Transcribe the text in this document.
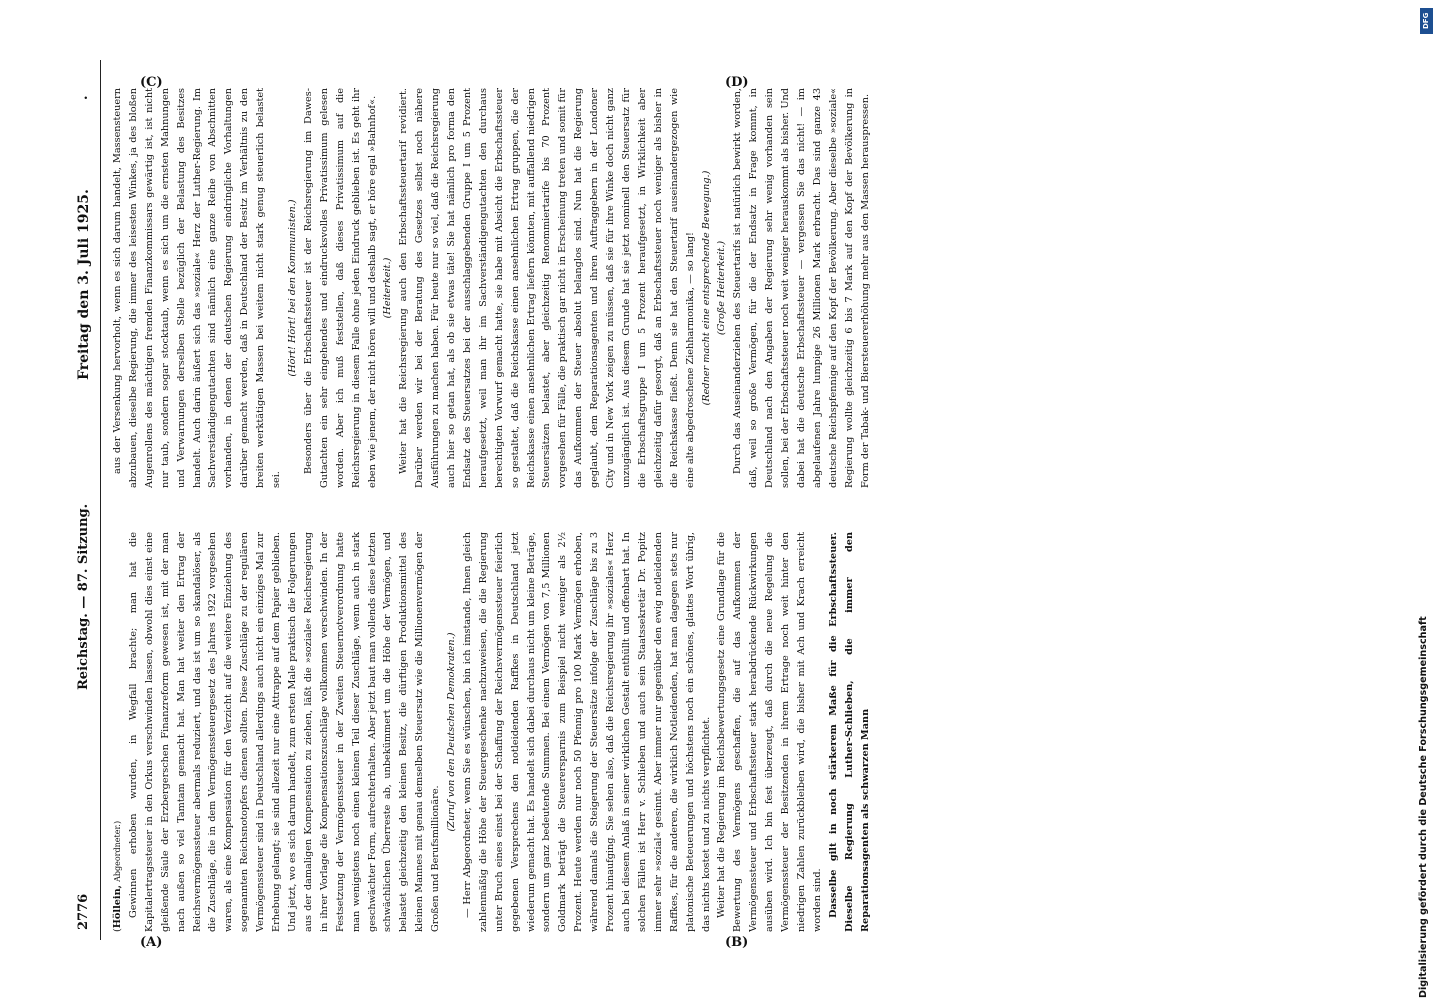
2776
Reichstag. — 87. Sitzung.
Freitag den 3. Juli 1925.
.

(Höllein, Abgeordneter.) Gewinnen erhoben wurden, in Wegfall brachte; man hat die Kapitalertragssteuer in den Orkus verschwinden lassen, obwohl dies einst eine gleißende Säule der Erzbergerschen Finanzreform gewesen ist, mit der man nach außen so viel Tamtam gemacht hat. Man hat weiter den Ertrag der Reichsvermögenssteuer abermals reduziert, und das ist um so skandalöser, als die Zuschläge, die in dem Vermögenssteuergesetz des Jahres 1922 vorgesehen waren, als eine Kompensation für den Verzicht auf die weitere Einziehung des sogenannten Reichsnotopfers dienen sollten. Diese Zuschläge zu der regulären Vermögenssteuer sind in Deutschland allerdings auch nicht ein einziges Mal zur Erhebung gelangt; sie sind allezeit nur eine Attrappe auf dem Papier geblieben. Und jetzt, wo es sich darum handelt, zum ersten Male praktisch die Folgerungen aus der damaligen Kompensation zu ziehen, läßt die »soziale« Reichsregierung in ihrer Vorlage die Kompensationszuschläge vollkommen verschwinden. In der Festsetzung der Vermögenssteuer in der Zweiten Steuernotverordnung hatte man wenigstens noch einen kleinen Teil dieser Zuschläge, wenn auch in stark geschwächter Form, aufrechterhalten. Aber jetzt baut man vollends diese letzten schwächlichen Überreste ab, unbekümmert um die Höhe der Vermögen, und belastet gleichzeitig den kleinen Besitz, die dürftigen Produktionsmittel des kleinen Mannes mit genau demselben Steuersatz wie die Millionenvermögen der Großen und Berufsmillionäre.

(Zuruf von den Deutschen Demokraten.) — Herr Abgeordneter, wenn Sie es wünschen, bin ich imstande, Ihnen gleich zahlenmäßig die Höhe der Steuergeschenke nachzuweisen, die die Regierung unter Bruch eines einst bei der Schaffung der Reichsvermögenssteuer feierlich gegebenen Versprechens den notleidenden Raffkes in Deutschland jetzt wiederum gemacht hat. Es handelt sich dabei durchaus nicht um kleine Beträge, sondern um ganz bedeutende Summen. Bei einem Vermögen von 7,5 Millionen Goldmark beträgt die Steuerersparnis zum Beispiel nicht weniger als 2½ Prozent. Heute werden nur noch 50 Pfennig pro 100 Mark Vermögen erhoben, während damals die Steigerung der Steuersätze infolge der Zuschläge bis zu 3 Prozent hinaufging. Sie sehen also, daß die Reichsregierung ihr »soziales« Herz auch bei diesem Anlaß in seiner wirklichen Gestalt enthüllt und offenbart hat. In solchen Fällen ist Herr v. Schlieben und auch sein Staatssekretär Dr. Popitz immer sehr »sozial« gesinnt. Aber immer nur gegenüber den ewig notleidenden Raffkes, für die anderen, die wirklich Notleidenden, hat man dagegen stets nur platonische Beteuerungen und höchstens noch ein schönes, glattes Wort übrig, das nichts kostet und zu nichts verpflichtet. Weiter hat die Regierung im Reichsbewertungsgesetz eine Grundlage für die Bewertung des Vermögens geschaffen, die auf das Aufkommen der Vermögenssteuer und Erbschaftssteuer stark herabdrückende Rückwirkungen ausüben wird. Ich bin fest überzeugt, daß durch die neue Regelung die Vermögenssteuer der Besitzenden in ihrem Ertrage noch weit hinter den niedrigen Zahlen zurückbleiben wird, die bisher mit Ach und Krach erreicht worden sind. Dasselbe gilt in noch stärkerem Maße für die Erbschaftssteuer. Dieselbe Regierung Luther-Schlieben, die immer den Reparationsagenten als schwarzen Mann

aus der Versenkung hervorholt, wenn es sich darum handelt, Massensteuern abzubauen, dieselbe Regierung, die immer des leisesten Winkes, ja des bloßen Augenrollens des mächtigen fremden Finanzkommissars gewärtig ist, ist nicht nur taub, sondern sogar stocktaub, wenn es sich um die ernsten Mahnungen und Verwarnungen derselben Stelle bezüglich der Belastung des Besitzes handelt. Auch darin äußert sich das »soziale« Herz der Luther-Regierung. Im Sachverständigengutachten sind nämlich eine ganze Reihe von Abschnitten vorhanden, in denen der deutschen Regierung eindringliche Vorhaltungen darüber gemacht werden, daß in Deutschland der Besitz im Verhältnis zu den breiten werktätigen Massen bei weitem nicht stark genug steuerlich belastet sei.

(Hört! Hört! bei den Kommunisten.) Besonders über die Erbschaftssteuer ist der Reichsregierung im Dawes-Gutachten ein sehr eingehendes und eindrucksvolles Privatissimum gelesen worden. Aber ich muß feststellen, daß dieses Privatissimum auf die Reichsregierung in diesem Falle ohne jeden Eindruck geblieben ist. Es geht ihr eben wie jenem, der nicht hören will und deshalb sagt, er höre egal »Bahnhof«. (Heiterkeit.) Weiter hat die Reichsregierung auch den Erbschaftssteuertarif revidiert. Darüber werden wir bei der Beratung des Gesetzes selbst noch nähere Ausführungen zu machen haben. Für heute nur so viel, daß die Reichsregierung auch hier so getan hat, als ob sie etwas täte! Sie hat nämlich pro forma den Endsatz des Steuersatzes bei der ausschlaggebenden Gruppe I um 5 Prozent heraufgesetzt, weil man ihr im Sachverständigengutachten den durchaus berechtigten Vorwurf gemacht hatte, sie habe mit Absicht die Erbschaftssteuer so gestaltet, daß die Reichskasse einen ansehnlichen Ertrag gruppen, die der Reichskasse einen ansehnlichen Ertrag liefern könnten, mit auffallend niedrigen Steuersätzen belastet, aber gleichzeitig Renommiertarife bis 70 Prozent vorgesehen für Fälle, die praktisch gar nicht in Erscheinung treten und somit für das Aufkommen der Steuer absolut belanglos sind. Nun hat die Regierung geglaubt, dem Reparationsagenten und ihren Auftraggebern in der Londoner City und in New York zeigen zu müssen, daß sie für ihre Winke doch nicht ganz unzugänglich ist. Aus diesem Grunde hat sie jetzt nominell den Steuersatz für die Erbschaftsgruppe I um 5 Prozent heraufgesetzt, in Wirklichkeit aber gleichzeitig dafür gesorgt, daß an Erbschaftssteuer noch weniger als bisher in die Reichskasse fließt. Denn sie hat den Steuertarif auseinandergezogen wie eine alte abgedroschene Ziehharmonika, — so lang! (Redner macht eine entsprechende Bewegung.) (Große Heiterkeit.) Durch das Auseinanderziehen des Steuertarifs ist natürlich bewirkt worden, daß, weil so große Vermögen, für die der Endsatz in Frage kommt, in Deutschland nach den Angaben der Regierung sehr wenig vorhanden sein sollen, bei der Erbschaftssteuer noch weit weniger herauskommt als bisher. Und dabei hat die deutsche Erbschaftssteuer — vergessen Sie das nicht! — im abgelaufenen Jahre lumpige 26 Millionen Mark erbracht. Das sind ganze 43 deutsche Reichspfennige auf den Kopf der Bevölkerung. Aber dieselbe »soziale« Regierung wollte gleichzeitig 6 bis 7 Mark auf den Kopf der Bevölkerung in Form der Tabak- und Biersteuererhöhung mehr aus den Massen herauspressen.

(A)	(B)
(C)	(D)
DFG
Digitalisierung gefördert durch die Deutsche Forschungsgemeinschaft
